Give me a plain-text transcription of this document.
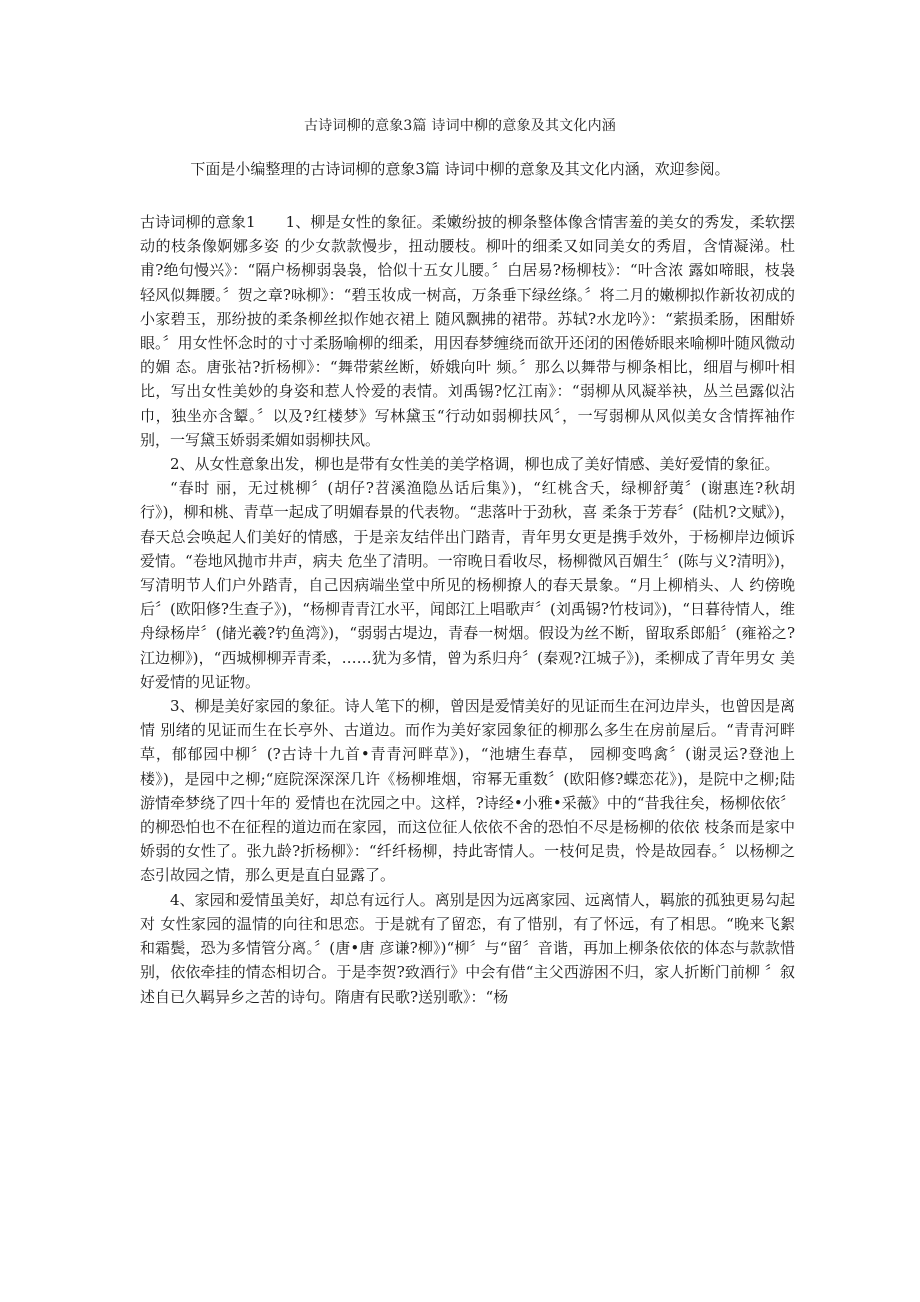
古诗词柳的意象3篇 诗词中柳的意象及其文化内涵
下面是小编整理的古诗词柳的意象3篇 诗词中柳的意象及其文化内涵，欢迎参阅。

古诗词柳的意象1 1、柳是女性的象征。柔嫩纷披的柳条整体像含情害羞的美女的秀发，柔软摆动的枝条像婀娜多姿 的少女款款慢步，扭动腰枝。柳叶的细柔又如同美女的秀眉，含情凝涕。杜甫?绝句慢兴》：“隔户杨柳弱袅袅，恰似十五女儿腰。〞白居易?杨柳枝》：“叶含浓 露如啼眼，枝袅轻风似舞腰。〞贺之章?咏柳》：“碧玉妆成一树高，万条垂下绿丝绦。〞将二月的嫩柳拟作新妆初成的小家碧玉，那纷披的柔条柳丝拟作她衣裙上 随风飘拂的裙带。苏轼?水龙吟》：“萦损柔肠，困酣娇眼。〞用女性怀念时的寸寸柔肠喻柳的细柔，用因春梦缠绕而欲开还闭的困倦娇眼来喻柳叶随风微动的媚 态。唐张祜?折杨柳》：“舞带萦丝断，娇娥向叶 频。〞那么以舞带与柳条相比，细眉与柳叶相比，写出女性美妙的身姿和惹人怜爱的表情。刘禹锡?忆江南》：“弱柳从风凝举袂，丛兰邑露似沾巾，独坐亦含颦。〞以及?红楼梦》写林黛玉“行动如弱柳扶风〞，一写弱柳从风似美女含情挥袖作别，一写黛玉娇弱柔媚如弱柳扶风。

2、从女性意象出发，柳也是带有女性美的美学格调，柳也成了美好情感、美好爱情的象征。

“春时 丽，无过桃柳〞(胡仔?苕溪渔隐丛话后集》)，“红桃含夭，绿柳舒荑〞(谢惠连?秋胡行》)，柳和桃、青草一起成了明媚春景的代表物。“悲落叶于劲秋，喜 柔条于芳春〞(陆机?文赋》)，春天总会唤起人们美好的情感，于是亲友结伴出门踏青，青年男女更是携手效外，于杨柳岸边倾诉爱情。“卷地风抛市井声，病夫 危坐了清明。一帘晚日看收尽，杨柳微风百媚生〞(陈与义?清明》)，写清明节人们户外踏青，自己因病端坐堂中所见的杨柳撩人的春天景象。“月上柳梢头、人 约傍晚后〞(欧阳修?生查子》)，“杨柳青青江水平，闻郎江上唱歌声〞(刘禹锡?竹枝词》)，“日暮待情人，维舟绿杨岸〞(储光羲?钓鱼湾》)，“弱弱古堤边，青春一树烟。假设为丝不断，留取系郎船〞(雍裕之?江边柳》)，“西城柳柳弄青柔，……犹为多情，曾为系归舟〞(秦观?江城子》)，柔柳成了青年男女 美好爱情的见证物。

3、柳是美好家园的象征。诗人笔下的柳，曾因是爱情美好的见证而生在河边岸头，也曾因是离情 别绪的见证而生在长亭外、古道边。而作为美好家园象征的柳那么多生在房前屋后。“青青河畔草，郁郁园中柳〞(?古诗十九首•青青河畔草》)，“池塘生春草， 园柳变鸣禽〞(谢灵运?登池上楼》)，是园中之柳;“庭院深深深几许《杨柳堆烟，帘幂无重数〞(欧阳修?蝶恋花》)，是院中之柳;陆游情牵梦绕了四十年的 爱情也在沈园之中。这样，?诗经•小雅•采薇》中的“昔我往矣，杨柳依依〞的柳恐怕也不在征程的道边而在家园，而这位征人依依不舍的恐怕不尽是杨柳的依依 枝条而是家中娇弱的女性了。张九龄?折杨柳》：“纤纤杨柳，持此寄情人。一枝何足贵，怜是故园春。〞以杨柳之态引故园之情，那么更是直白显露了。

4、家园和爱情虽美好，却总有远行人。离别是因为远离家园、远离情人，羁旅的孤独更易勾起对 女性家园的温情的向往和思恋。于是就有了留恋，有了惜别，有了怀远，有了相思。“晚来飞絮和霜鬓，恐为多情管分离。〞(唐•唐 彦谦?柳》)“柳〞与“留〞音谐，再加上柳条依依的体态与款款惜别，依依牵挂的情态相切合。于是李贺?致酒行》中会有借“主父西游困不归，家人折断门前柳 〞叙述自已久羁异乡之苦的诗句。隋唐有民歌?送别歌》：“杨
